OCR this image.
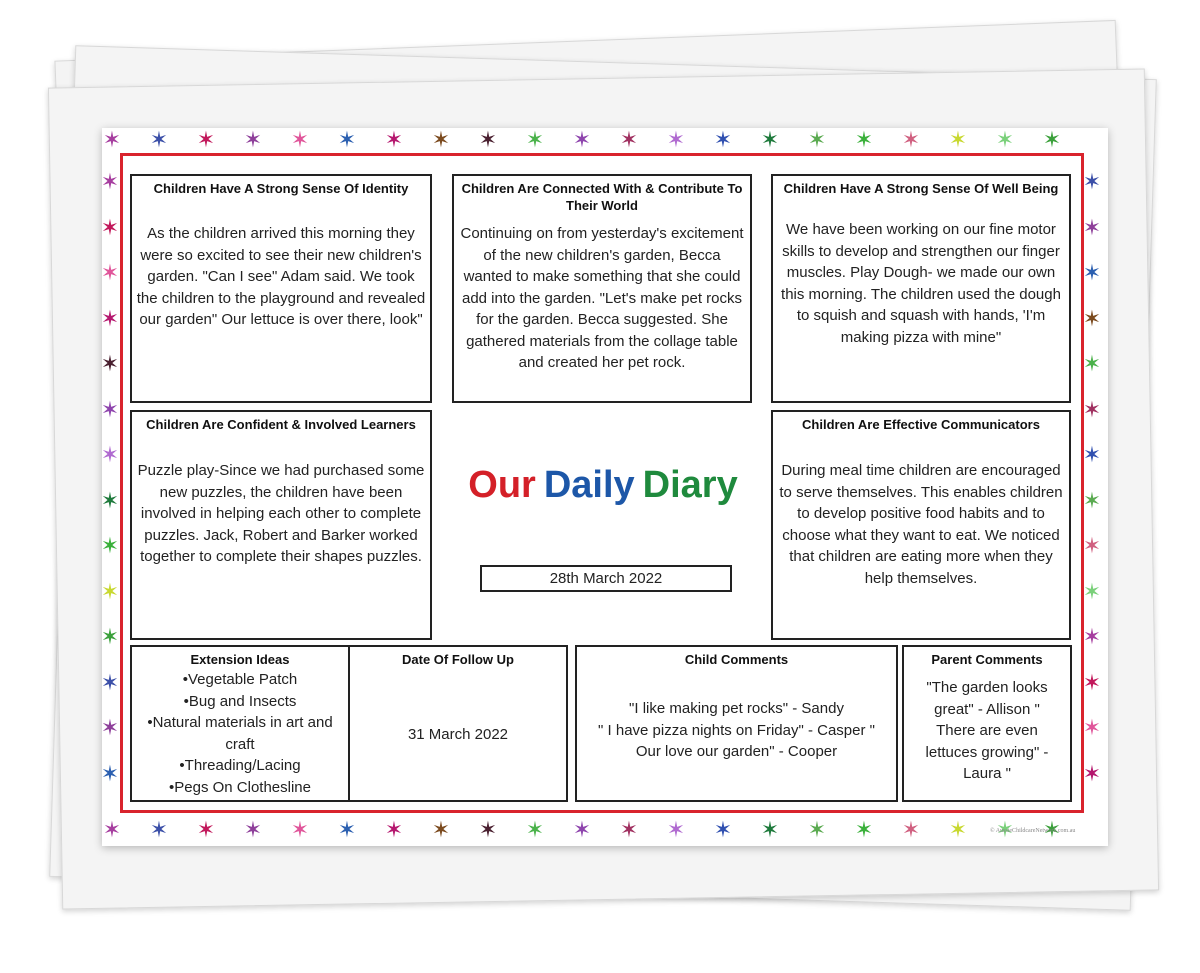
✶ ✶ ✶ ✶ ✶ ✶ ✶ ✶ ✶ ✶ ✶ ✶ ✶ ✶ ✶ ✶ ✶ ✶ ✶ ✶ ✶
✶ ✶ ✶ ✶ ✶ ✶ ✶ ✶ ✶ ✶ ✶ ✶ ✶ ✶ ✶ ✶ ✶ ✶ ✶ ✶ ✶
✶	✶
✶	✶
✶	✶
✶	✶
✶	✶
✶	✶
✶	✶
✶	✶
✶	✶
✶	✶
✶	✶
✶	✶
✶	✶
✶	✶
Children Have A Strong Sense Of Identity
As the children arrived this morning they were so excited to see their new children's garden. "Can I see" Adam said. We took the children to the playground and revealed our garden" Our lettuce is over there, look"
Children Are Connected With & Contribute To Their World
Continuing on from yesterday's excitement of the new children's garden, Becca wanted to make something that she could add into the garden. "Let's make pet rocks for the garden. Becca suggested. She gathered materials from the collage table and created her pet rock.
Children Have A Strong Sense Of Well Being
We have been working on our fine motor skills to develop and strengthen our finger muscles. Play Dough- we made our own this morning. The children used the dough to squish and squash with hands, 'I'm making pizza with mine"
Children Are Confident & Involved Learners
Puzzle play-Since we had purchased some new puzzles, the children have been involved in helping each other to complete puzzles. Jack, Robert and Barker worked together to complete their shapes puzzles.
Our Daily Diary
28th March 2022
Children Are Effective Communicators
During meal time children are encouraged to serve themselves. This enables children to develop positive food habits and to choose what they want to eat. We noticed that children are eating more when they help themselves.
Extension Ideas
• Vegetable Patch
• Bug and Insects
• Natural materials in art and craft
• Threading/Lacing
• Pegs On Clothesline
Date Of Follow Up
31 March 2022
Child Comments
"I like making pet rocks" - Sandy
" I have pizza nights on Friday" - Casper "
Our love our garden" - Cooper
Parent Comments
"The garden looks great" - Allison " There are even lettuces growing" - Laura "
© AussieChildcareNetwork.com.au
